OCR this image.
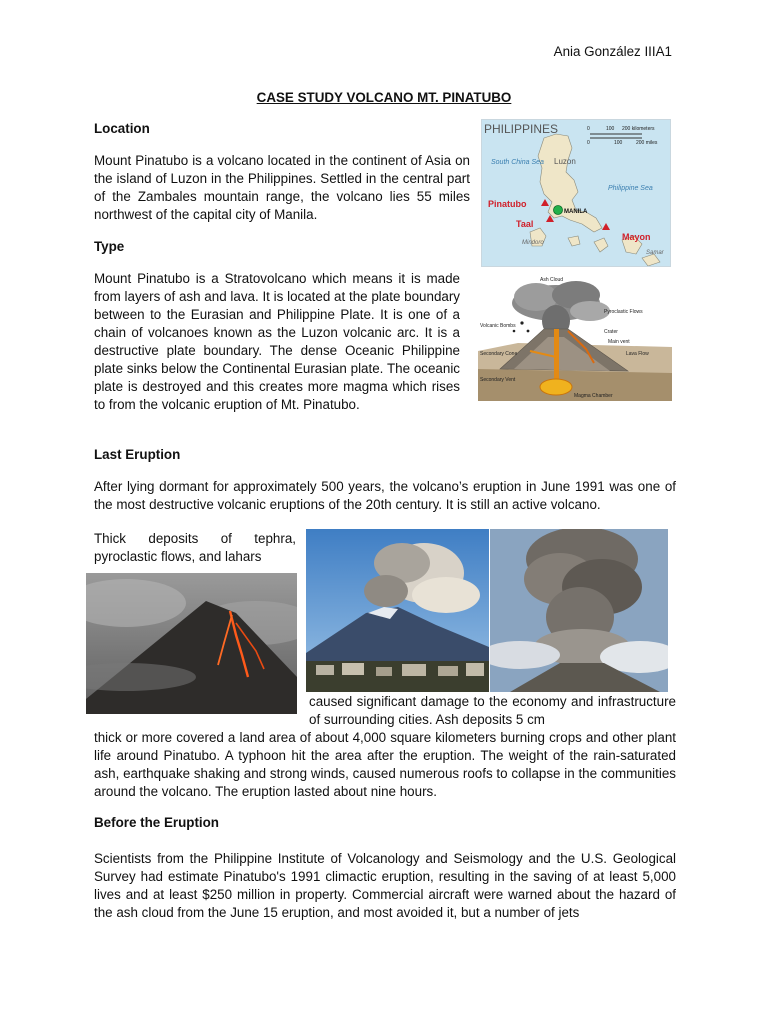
Ania González IIIA1
CASE STUDY VOLCANO MT. PINATUBO
Location

Mount Pinatubo is a volcano located in the continent of Asia on the island of Luzon in the Philippines. Settled in the central part of the Zambales mountain range, the volcano lies 55 miles northwest of the capital city of Manila.

Type

Mount Pinatubo is a Stratovolcano which means it is made from layers of ash and lava. It is located at the plate boundary between to the Eurasian and Philippine Plate. It is one of a chain of volcanoes known as the Luzon volcanic arc. It is a destructive plate boundary. The dense Oceanic Philippine plate sinks below the Continental Eurasian plate. The oceanic plate is destroyed and this creates more magma which rises to from the volcanic eruption of Mt. Pinatubo.

Last Eruption

After lying dormant for approximately 500 years, the volcano’s eruption in June 1991 was one of the most destructive volcanic eruptions of the 20th century. It is still an active volcano.

Thick deposits of tephra, pyroclastic flows, and lahars

caused significant damage to the economy and infrastructure of surrounding cities. Ash deposits 5 cm

thick or more covered a land area of about 4,000 square kilometers burning crops and other plant life around Pinatubo. A typhoon hit the area after the eruption. The weight of the rain-saturated ash, earthquake shaking and strong winds, caused numerous roofs to collapse in the communities around the volcano. The eruption lasted about nine hours.

Before the Eruption

Scientists from the Philippine Institute of Volcanology and Seismology and the U.S. Geological Survey had estimate Pinatubo's 1991 climactic eruption, resulting in the saving of at least 5,000 lives and at least $250 million in property. Commercial aircraft were warned about the hazard of the ash cloud from the June 15 eruption, and most avoided it, but a number of jets

PHILIPPINES	0	100 200 kilometers
0	100	200 miles
South China Sea
Philippine Sea
Luzon
Pinatubo
MANILA
Taal
Mayon
Mindoro
Samar
Ash Cloud
Pyroclastic Flows
Volcanic Bombs
Crater
Main vent
Lava Flow
Secondary Cone
Secondary Vent
Magma Chamber
